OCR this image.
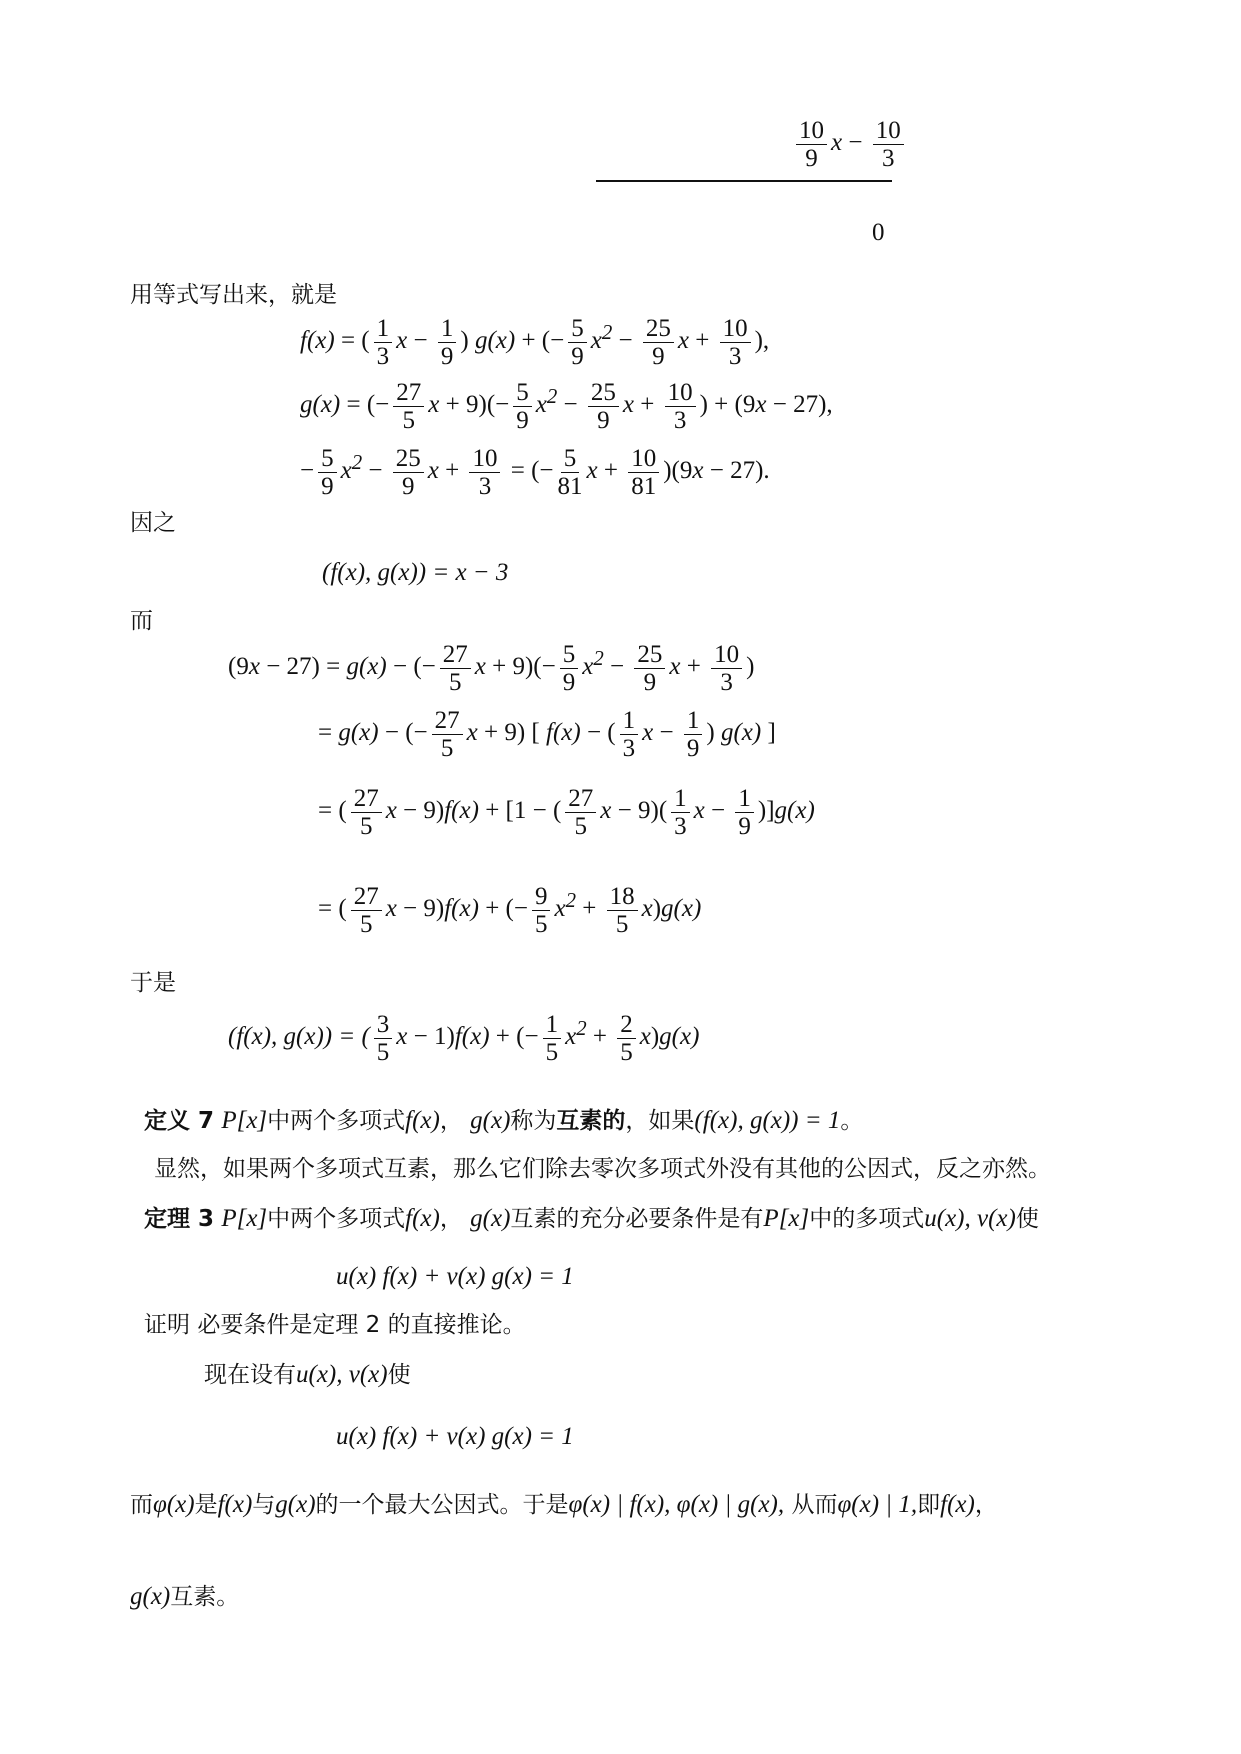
$\frac{10}{9}$ $x - \frac{10}{3}$
0
用等式写出来，就是
f(x) = ( $\frac{1}{3}$ $x - \frac{1}{9}$ ) g(x) + (− $\frac{5}{9} x^2 - \frac{25}{9}$ $x + \frac{10}{3}$ ),
g(x) = (− $\frac{27}{5}$ $x + 9)(- \frac{5}{9} x^2 - \frac{25}{9}$ $x + \frac{10}{3}$ ) + (9x − 27),
− $\frac{5}{9} x^2 - \frac{25}{9}$ $x + \frac{10}{3}$ = (− $\frac{5}{81}$ $x + \frac{10}{81} )(9x - 27)$.
因之
(f(x), g(x)) = x − 3
而
(9x − 27) = g(x) − (− $\frac{27}{5}$ $x + 9)(- \frac{5}{9} x^2 - \frac{25}{9}$ $x + \frac{10}{3}$ )
= g(x) − (− $\frac{27}{5}$ x + 9) [ f(x) − ( $\frac{1}{3}$ $x - \frac{1}{9}$ ) g(x) ]
= ( $\frac{27}{5}$ x − 9)f(x) + [1 − ( $\frac{27}{5}$ $x - 9)( \frac{1}{3}$ $x - \frac{1}{9} )]g(x)$
= ( $\frac{27}{5}$ x − 9)f(x) + (− $\frac{9}{5} x^2 + \frac{18}{5} x)g(x)$
于是
(f(x), g(x)) = ( $\frac{3}{5}$ x − 1)f(x) + (− $\frac{1}{5} x^2 + \frac{2}{5} x)g(x)$
定义 7 P[x]中两个多项式f(x)， g(x)称为互素的，如果(f(x), g(x)) = 1。
显然，如果两个多项式互素，那么它们除去零次多项式外没有其他的公因式，反之亦然。
定理 3 P[x]中两个多项式f(x)， g(x)互素的充分必要条件是有P[x]中的多项式u(x), v(x)使
u(x) f(x) + v(x) g(x) = 1
证明 必要条件是定理 2 的直接推论。
现在设有u(x), v(x)使
u(x) f(x) + v(x) g(x) = 1
而φ(x)是f(x)与g(x)的一个最大公因式。于是φ(x) | f(x), φ(x) | g(x), 从而φ(x) | 1,即f(x)，
g(x)互素。
